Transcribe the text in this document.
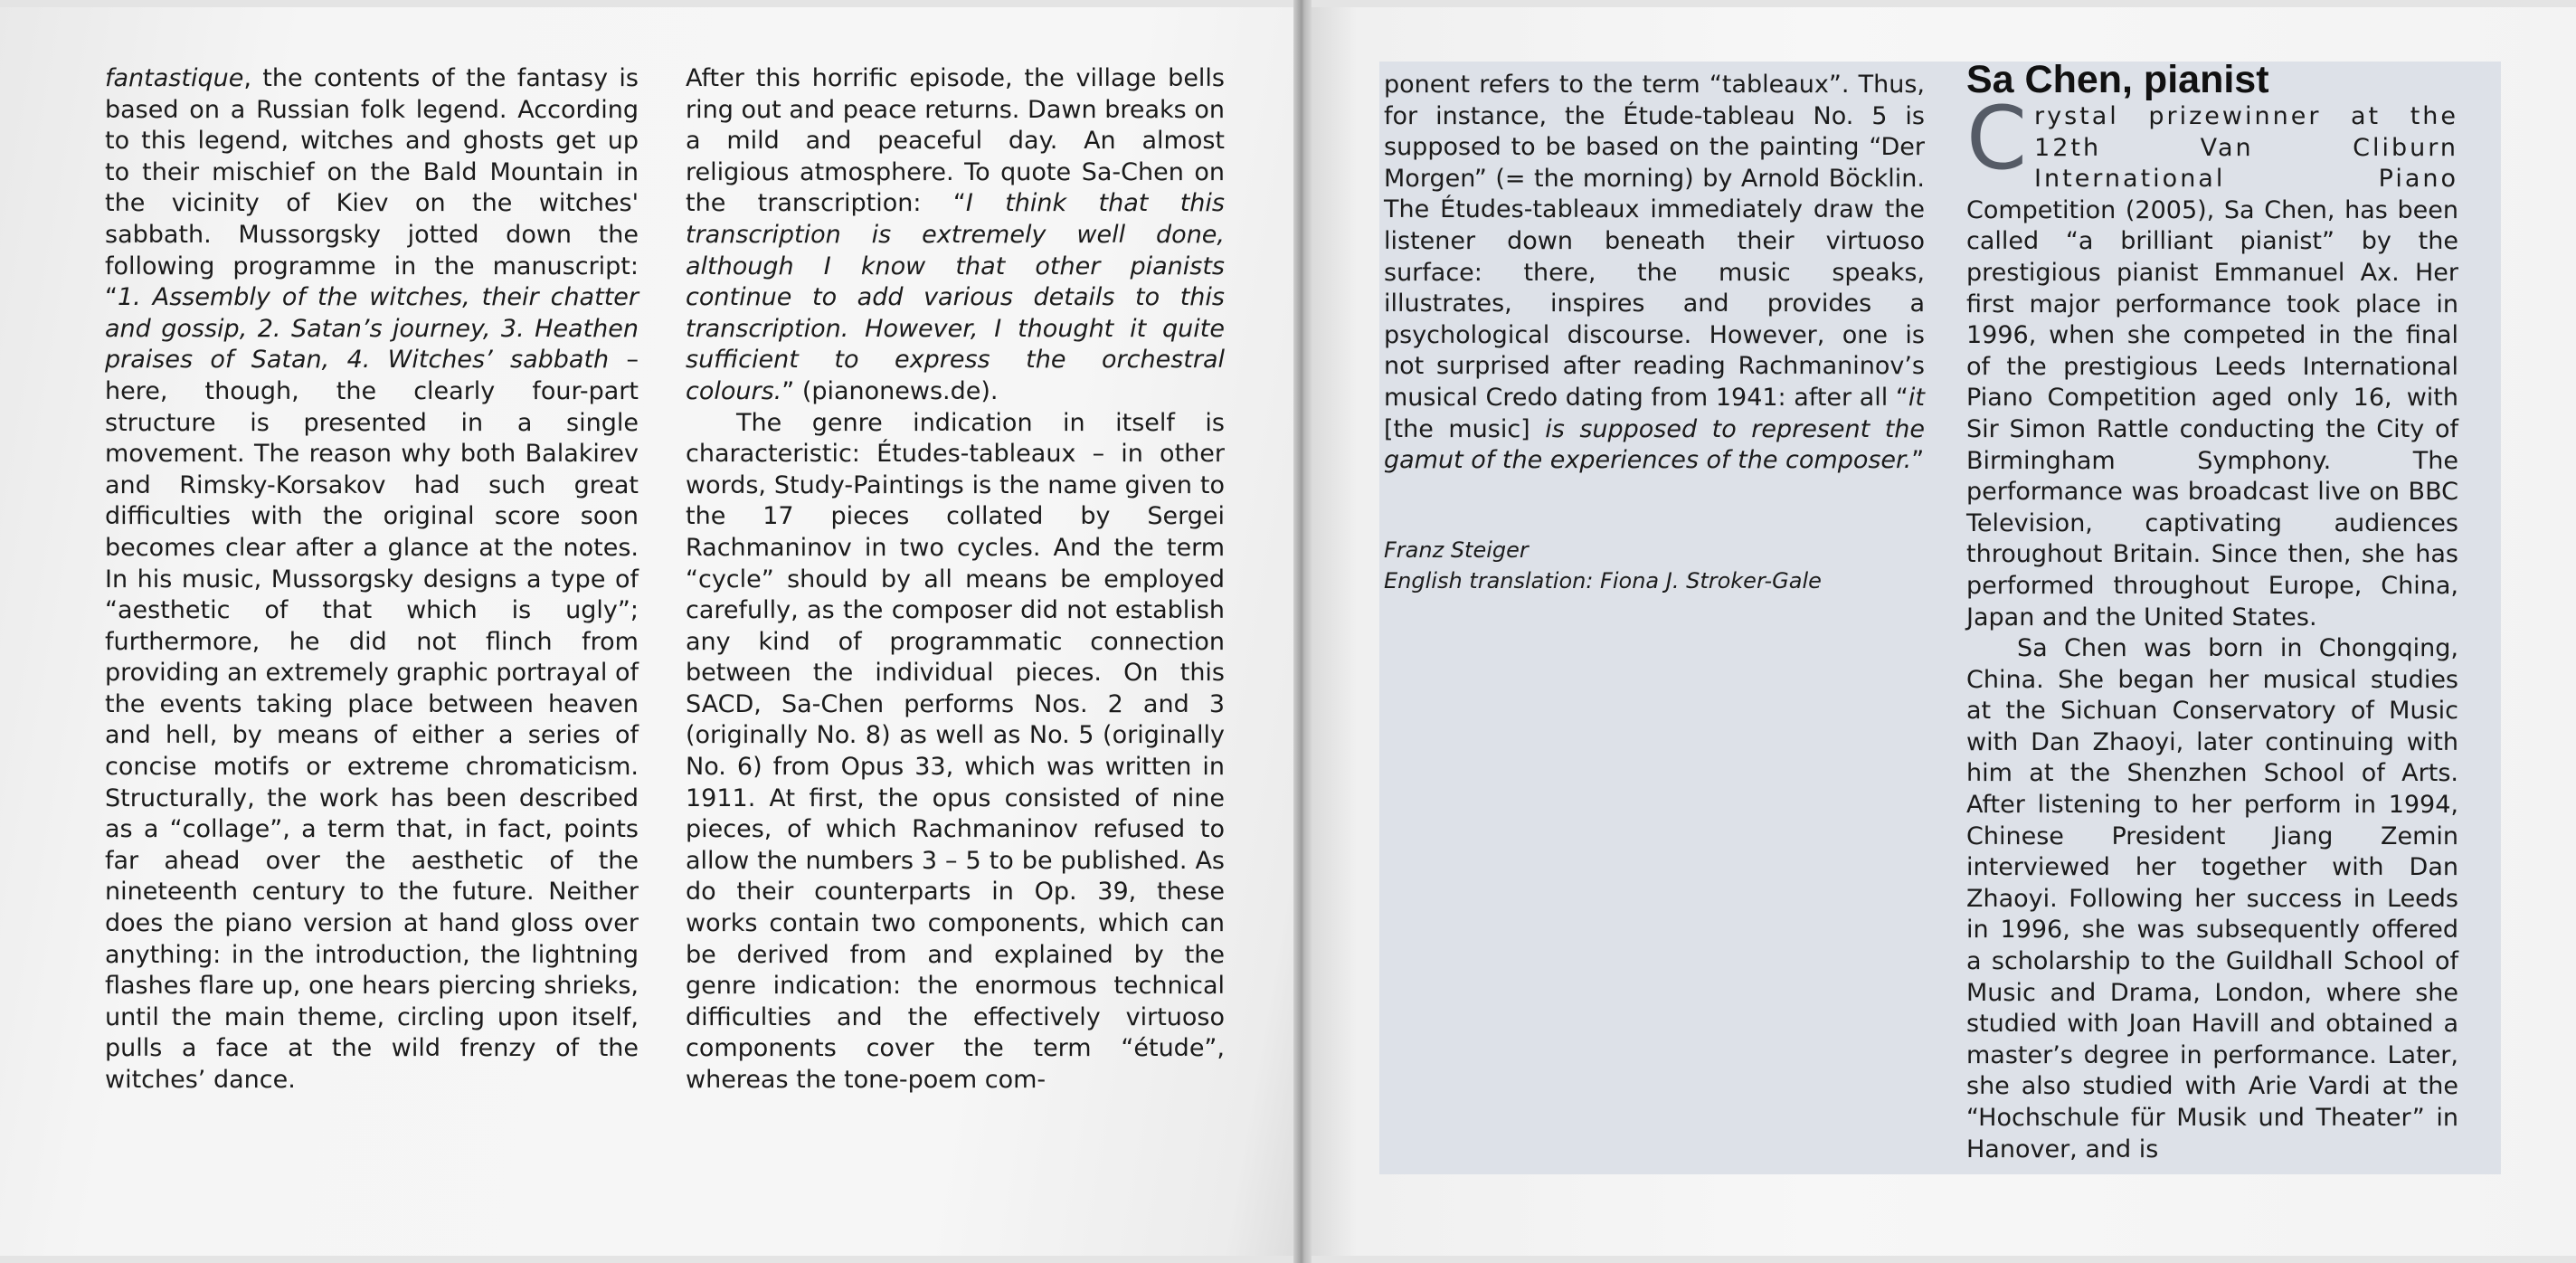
fantastique, the contents of the fantasy is based on a Russian folk legend. According to this legend, witches and ghosts get up to their mischief on the Bald Mountain in the vicinity of Kiev on the witches' sabbath. Mussorgsky jotted down the following programme in the manuscript: “1. Assembly of the witches, their chatter and gossip, 2. Satan’s journey, 3. Heathen praises of Satan, 4. Witches’ sabbath – here, though, the clearly four-part structure is presented in a single movement. The reason why both Balakirev and Rimsky-Korsakov had such great difficulties with the original score soon becomes clear after a glance at the notes. In his music, Mussorgsky designs a type of “aesthetic of that which is ugly”; furthermore, he did not flinch from providing an extremely graphic portrayal of the events taking place between heaven and hell, by means of either a series of concise motifs or extreme chromaticism. Structurally, the work has been described as a “collage”, a term that, in fact, points far ahead over the aesthetic of the nineteenth century to the future. Neither does the piano version at hand gloss over anything: in the introduction, the lightning flashes flare up, one hears piercing shrieks, until the main theme, circling upon itself, pulls a face at the wild frenzy of the witches’ dance.

After this horrific episode, the village bells ring out and peace returns. Dawn breaks on a mild and peaceful day. An almost religious atmosphere. To quote Sa-Chen on the transcription: “I think that this transcription is extremely well done, although I know that other pianists continue to add various details to this transcription. However, I thought it quite sufficient to express the orchestral colours.” (pianonews.de).

The genre indication in itself is characteristic: Études-tableaux – in other words, Study-Paintings is the name given to the 17 pieces collated by Sergei Rachmaninov in two cycles. And the term “cycle” should by all means be employed carefully, as the composer did not establish any kind of programmatic connection between the individual pieces. On this SACD, Sa-Chen performs Nos. 2 and 3 (originally No. 8) as well as No. 5 (originally No. 6) from Opus 33, which was written in 1911. At first, the opus consisted of nine pieces, of which Rachmaninov refused to allow the numbers 3 – 5 to be published. As do their counterparts in Op. 39, these works contain two components, which can be derived from and explained by the genre indication: the enormous technical difficulties and the effectively virtuoso components cover the term “étude”, whereas the tone-poem com-

ponent refers to the term “tableaux”. Thus, for instance, the Étude-tableau No. 5 is supposed to be based on the painting “Der Morgen” (= the morning) by Arnold Böcklin. The Études-tableaux immediately draw the listener down beneath their virtuoso surface: there, the music speaks, illustrates, inspires and provides a psychological discourse. However, one is not surprised after reading Rachmaninov’s musical Credo dating from 1941: after all “it [the music] is supposed to represent the gamut of the experiences of the composer.”

Franz Steiger

English translation: Fiona J. Stroker-Gale

Sa Chen, pianist

Crystal prizewinner at the 12th Van Cliburn International Piano Competition (2005), Sa Chen, has been called “a brilliant pianist” by the prestigious pianist Emmanuel Ax. Her first major performance took place in 1996, when she competed in the final of the prestigious Leeds International Piano Competition aged only 16, with Sir Simon Rattle conducting the City of Birmingham Symphony. The performance was broadcast live on BBC Television, captivating audiences throughout Britain. Since then, she has performed throughout Europe, China, Japan and the United States.

Sa Chen was born in Chongqing, China. She began her musical studies at the Sichuan Conservatory of Music with Dan Zhaoyi, later continuing with him at the Shenzhen School of Arts. After listening to her perform in 1994, Chinese President Jiang Zemin interviewed her together with Dan Zhaoyi. Following her success in Leeds in 1996, she was subsequently offered a scholarship to the Guildhall School of Music and Drama, London, where she studied with Joan Havill and obtained a master’s degree in performance. Later, she also studied with Arie Vardi at the “Hochschule für Musik und Theater” in Hanover, and is
